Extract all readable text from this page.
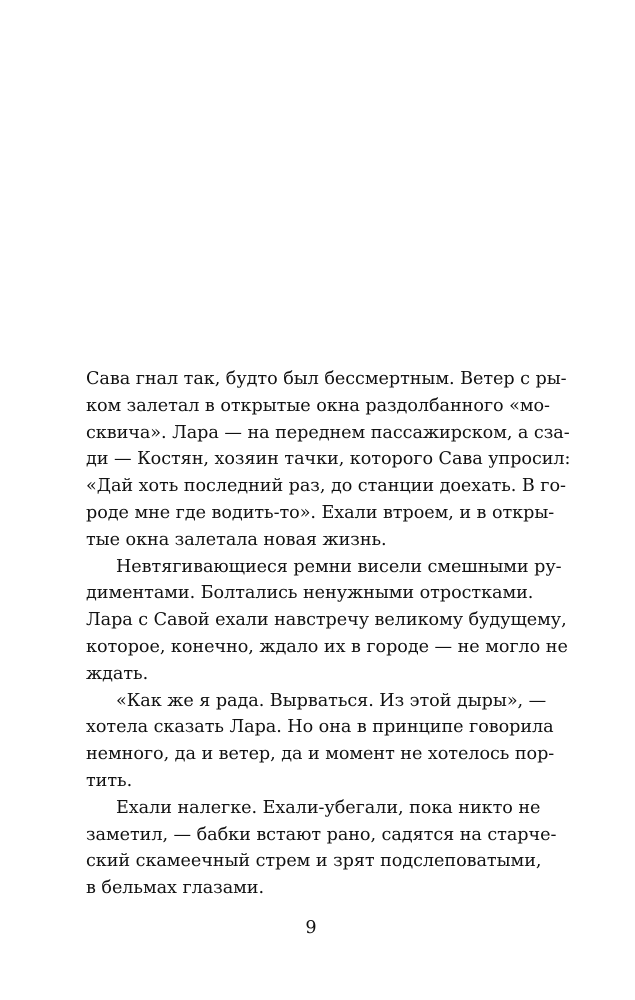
Сава гнал так, будто был бессмертным. Ветер с ры-
ком залетал в открытые окна раздолбанного «мо-
сквича». Лара — на переднем пассажирском, а сза-
ди — Костян, хозяин тачки, которого Сава упросил:
«Дай хоть последний раз, до станции доехать. В го-
роде мне где водить-то». Ехали втроем, и в откры-
тые окна залетала новая жизнь.
Невтягивающиеся ремни висели смешными ру-
диментами. Болтались ненужными отростками.
Лара с Савой ехали навстречу великому будущему,
которое, конечно, ждало их в городе — не могло не
ждать.
«Как же я рада. Вырваться. Из этой дыры», —
хотела сказать Лара. Но она в принципе говорила
немного, да и ветер, да и момент не хотелось пор-
тить.
Ехали налегке. Ехали-убегали, пока никто не
заметил, — бабки встают рано, садятся на старче-
ский скамеечный стрем и зрят подслеповатыми,
в бельмах глазами.
9
